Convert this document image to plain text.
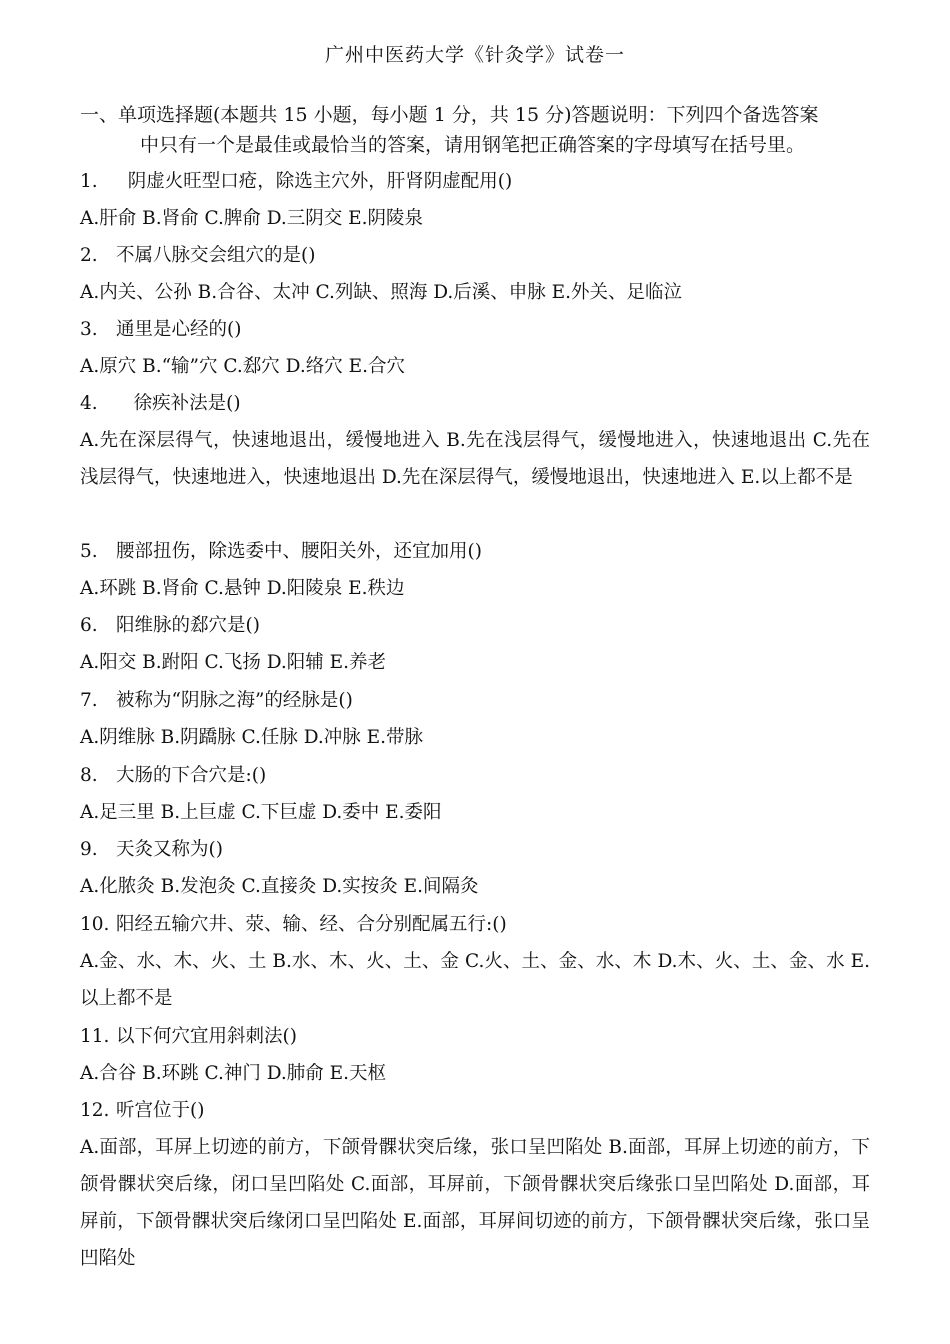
广州中医药大学《针灸学》试卷一
一、单项选择题(本题共 15 小题，每小题 1 分，共 15 分)答题说明：下列四个备选答案
中只有一个是最佳或最恰当的答案，请用钢笔把正确答案的字母填写在括号里。
1.  阴虚火旺型口疮，除选主穴外，肝肾阴虚配用()
A.肝俞 B.肾俞 C.脾俞 D.三阴交 E.阴陵泉
2. 不属八脉交会组穴的是()
A.内关、公孙 B.合谷、太冲 C.列缺、照海 D.后溪、申脉 E.外关、足临泣
3. 通里是心经的()
A.原穴 B.“输”穴 C.郄穴 D.络穴 E.合穴
4.   徐疾补法是()
A.先在深层得气，快速地退出，缓慢地进入 B.先在浅层得气，缓慢地进入，快速地退出 C.先在浅层得气，快速地进入，快速地退出 D.先在深层得气，缓慢地退出，快速地进入 E.以上都不是
5. 腰部扭伤，除选委中、腰阳关外，还宜加用()
A.环跳 B.肾俞 C.悬钟 D.阳陵泉 E.秩边
6. 阳维脉的郄穴是()
A.阳交 B.跗阳 C.飞扬 D.阳辅 E.养老
7. 被称为“阴脉之海”的经脉是()
A.阴维脉 B.阴蹻脉 C.任脉 D.冲脉 E.带脉
8. 大肠的下合穴是:()
A.足三里 B.上巨虚 C.下巨虚 D.委中 E.委阳
9. 天灸又称为()
A.化脓灸 B.发泡灸 C.直接灸 D.实按灸 E.间隔灸
10. 阳经五输穴井、荥、输、经、合分别配属五行:()
A.金、水、木、火、土 B.水、木、火、土、金 C.火、土、金、水、木 D.木、火、土、金、水 E.以上都不是
11. 以下何穴宜用斜刺法()
A.合谷 B.环跳 C.神门 D.肺俞 E.天枢
12. 听宫位于()
A.面部，耳屏上切迹的前方，下颌骨髁状突后缘，张口呈凹陷处 B.面部，耳屏上切迹的前方，下颌骨髁状突后缘，闭口呈凹陷处 C.面部，耳屏前，下颌骨髁状突后缘张口呈凹陷处 D.面部，耳屏前，下颌骨髁状突后缘闭口呈凹陷处 E.面部，耳屏间切迹的前方，下颌骨髁状突后缘，张口呈凹陷处
